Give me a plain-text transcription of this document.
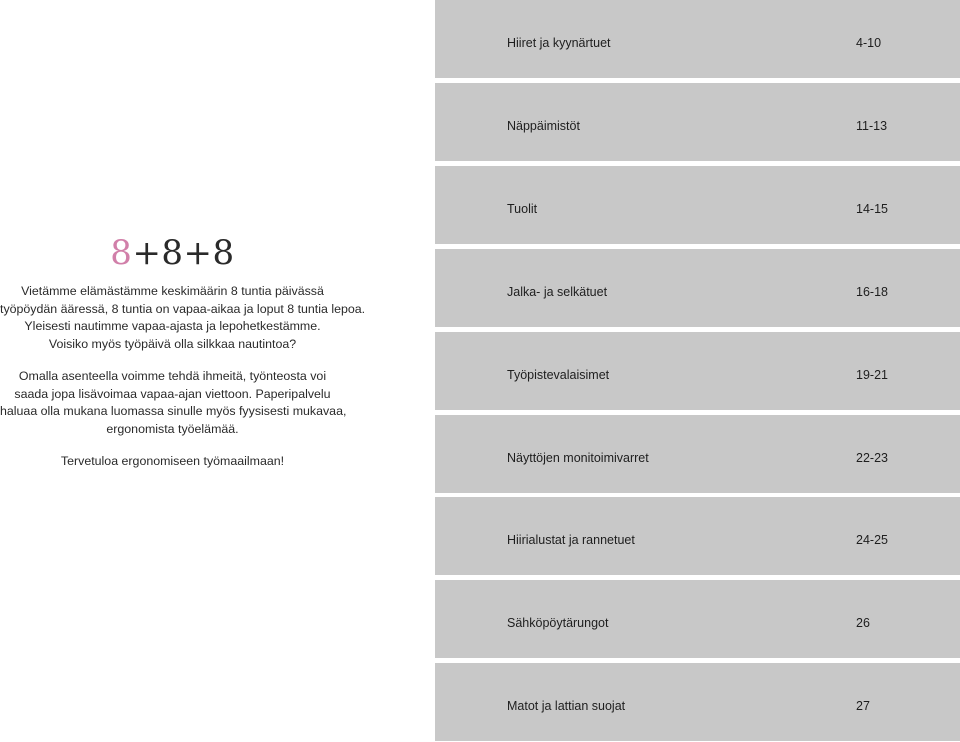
8+8+8

Vietämme elämästämme keskimäärin 8 tuntia päivässä
työpöydän ääressä, 8 tuntia on vapaa-aikaa ja loput 8 tuntia lepoa.
Yleisesti nautimme vapaa-ajasta ja lepohetkestämme.
Voisiko myös työpäivä olla silkkaa nautintoa?

Omalla asenteella voimme tehdä ihmeitä, työnteosta voi
saada jopa lisävoimaa vapaa-ajan viettoon. Paperipalvelu
haluaa olla mukana luomassa sinulle myös fyysisesti mukavaa,
ergonomista työelämää.

Tervetuloa ergonomiseen työmaailmaan!

Hiiret ja kyynärtuet	4-10
Näppäimistöt	11-13
Tuolit	14-15
Jalka- ja selkätuet	16-18
Työpistevalaisimet	19-21
Näyttöjen monitoimivarret	22-23
Hiirialustat ja rannetuet	24-25
Sähköpöytärungot	26
Matot ja lattian suojat	27
